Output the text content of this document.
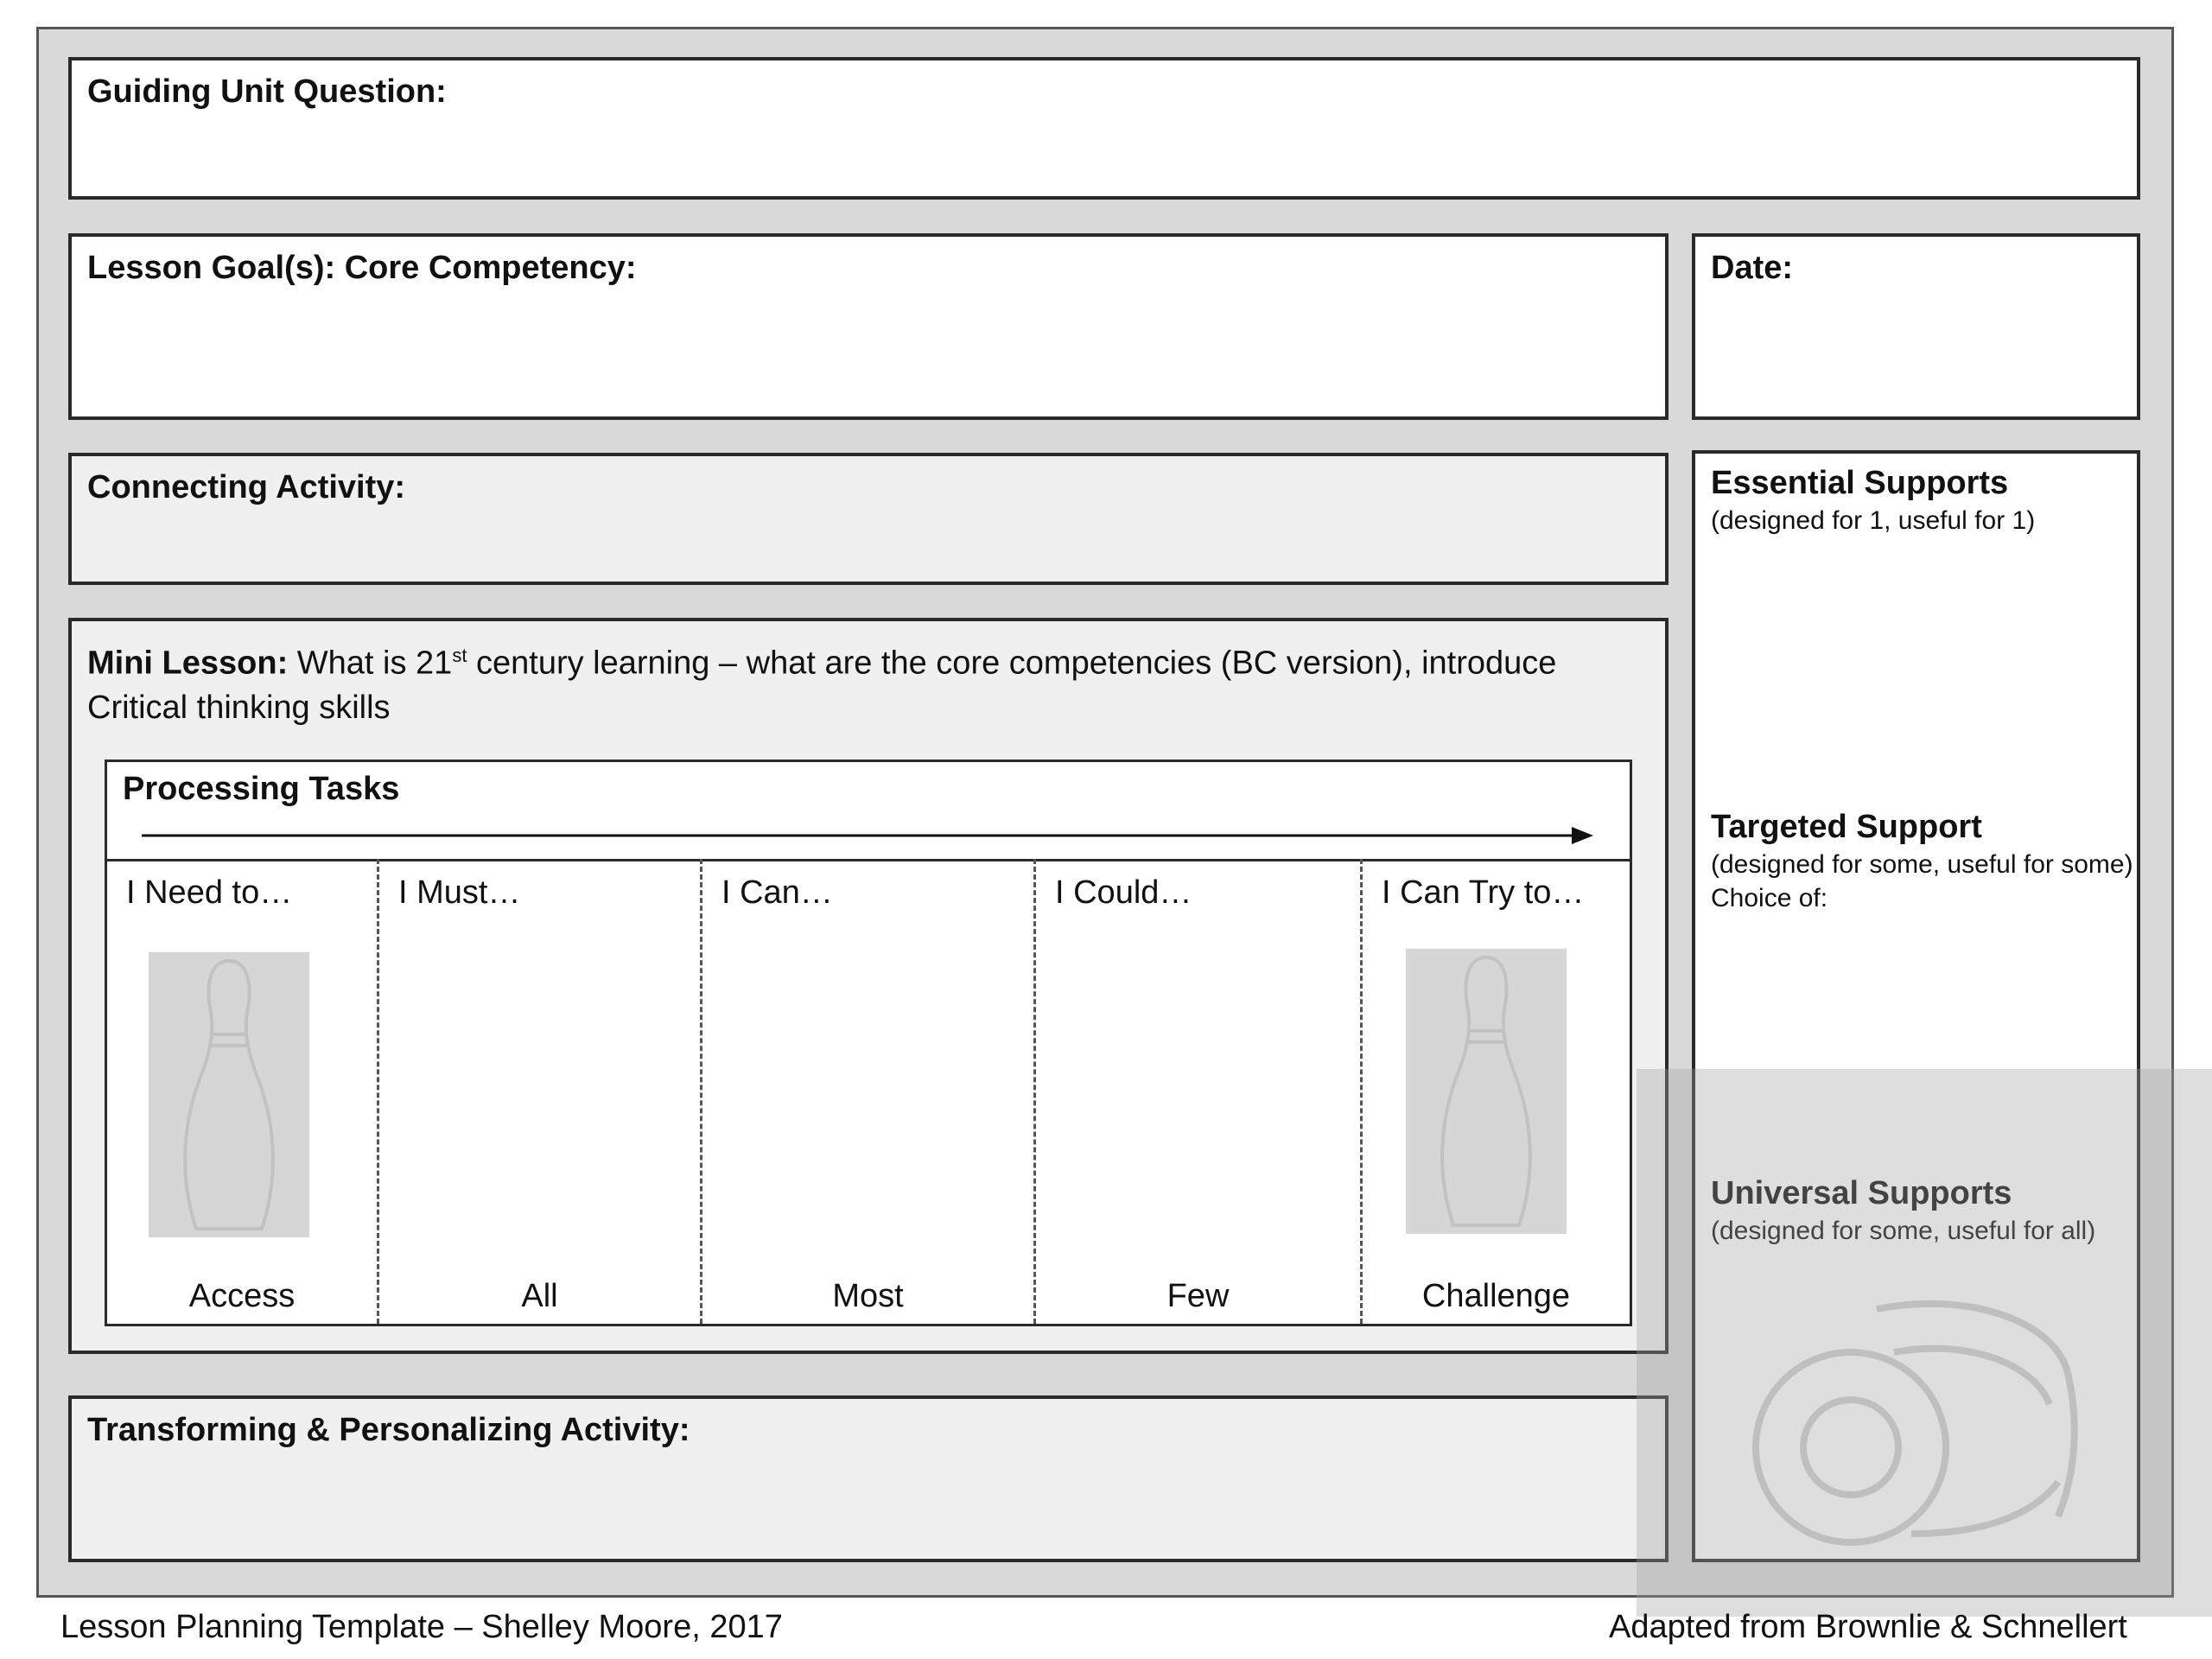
Guiding Unit Question:
Lesson Goal(s): Core Competency:	Date:
Connecting Activity:
Mini Lesson: What is 21st century learning – what are the core competencies (BC version), introduce Critical thinking skills
Processing Tasks
I Need to…
Access
I Must…
All
I Can…
Most
I Could…
Few
I Can Try to…
Challenge
Transforming & Personalizing Activity:
Essential Supports
(designed for 1, useful for 1)
Targeted Support
(designed for some, useful for some)
Choice of:
Universal Supports
(designed for some, useful for all)
Lesson Planning Template – Shelley Moore, 2017	Adapted from Brownlie & Schnellert
